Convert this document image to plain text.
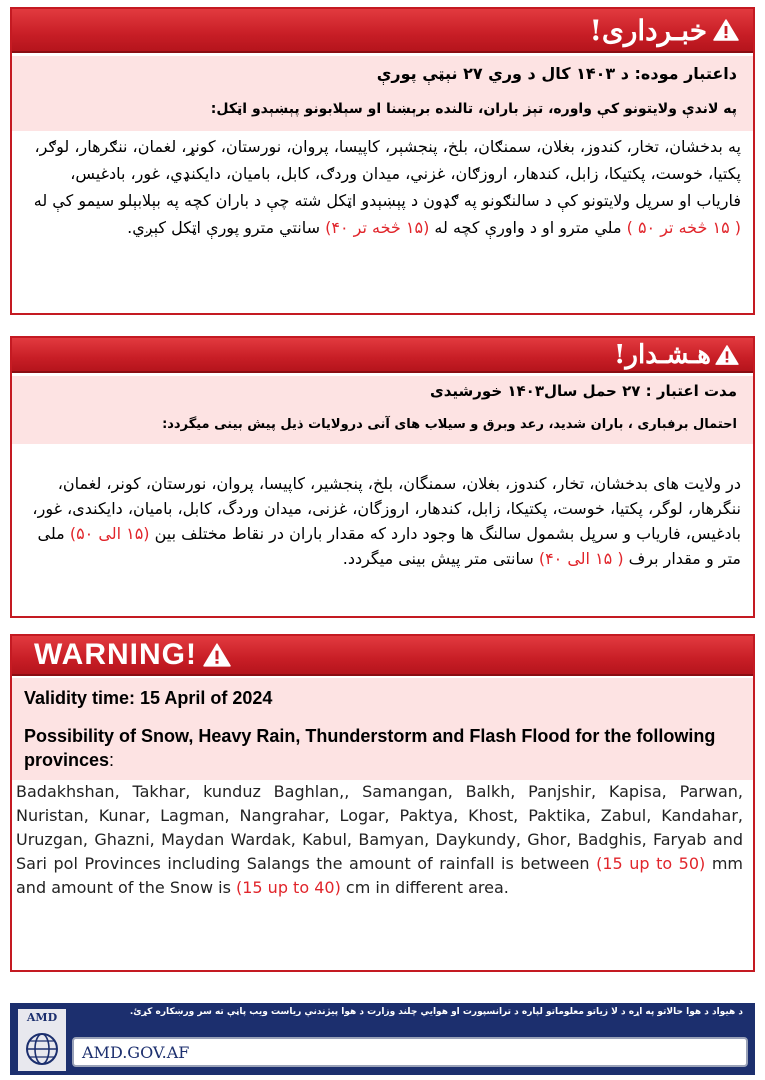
خبـرداری!
داعتبار موده: د ۱۴۰۳ کال د وري ۲۷ نېټې پورې
په لاندې ولایتونو کې واوره، تېز باران، تالنده برېښنا او سېلابونو پېښېدو اټکل:
په بدخشان، تخار، کندوز، بغلان، سمنګان، بلخ، پنجشېر، کاپیسا، پروان، نورستان، کونړ، لغمان، ننګرهار، لوګر، پکتیا، خوست، پکتیکا، زابل، کندهار، اروزګان، غزني، میدان وردګ، کابل، بامیان، دایکنډي، غور، بادغیس، فاریاب او سرپل ولایتونو کې د سالنګونو په ګډون د پېښېدو اټکل شته چې د باران کچه په بېلابېلو سیمو کې له ( ۱۵ څخه تر ۵۰ ) ملي مترو او د واورې کچه له (۱۵ څخه تر ۴۰) سانتي مترو پورې اټکل کېږي.
هـشـدار!
مدت اعتبار : ۲۷ حمل سال۱۴۰۳ خورشیدی
احتمال برفباری ، باران شدید، رعد وبرق و سیلاب های آنی درولایات ذیل پیش بینی میگردد:
در ولایت های بدخشان، تخار، کندوز، بغلان، سمنگان، بلخ، پنجشیر، کاپیسا، پروان، نورستان، کونر، لغمان، ننگرهار، لوگر، پکتیا، خوست، پکتیکا، زابل، کندهار، اروزگان، غزنی، میدان وردگ، کابل، بامیان، دایکندی، غور، بادغیس، فاریاب و سرپل بشمول سالنگ ها وجود دارد که مقدار باران در نقاط مختلف بین (۱۵ الی ۵۰) ملی متر و مقدار برف ( ۱۵ الی ۴۰) سانتی متر پیش بینی میگردد.
WARNING!
Validity time: 15 April of 2024
Possibility of Snow, Heavy Rain, Thunderstorm and Flash Flood for the following provinces:
Badakhshan, Takhar, kunduz Baghlan,, Samangan, Balkh, Panjshir, Kapisa, Parwan, Nuristan, Kunar, Lagman, Nangrahar, Logar, Paktya, Khost, Paktika, Zabul, Kandahar, Uruzgan, Ghazni, Maydan Wardak, Kabul, Bamyan, Daykundy, Ghor, Badghis, Faryab and Sari pol Provinces including Salangs the amount of rainfall is between (15 up to 50) mm and amount of the Snow is (15 up to 40) cm in different area.
AMD	د هیواد د هوا حالاتو په اړه د لا زیاتو معلوماتو لپاره د ترانسپورت او هوایي چلند وزارت د هوا پیژندنې ریاست ویب پاڼې ته سر ورښکاره کړئ.
AMD.GOV.AF
